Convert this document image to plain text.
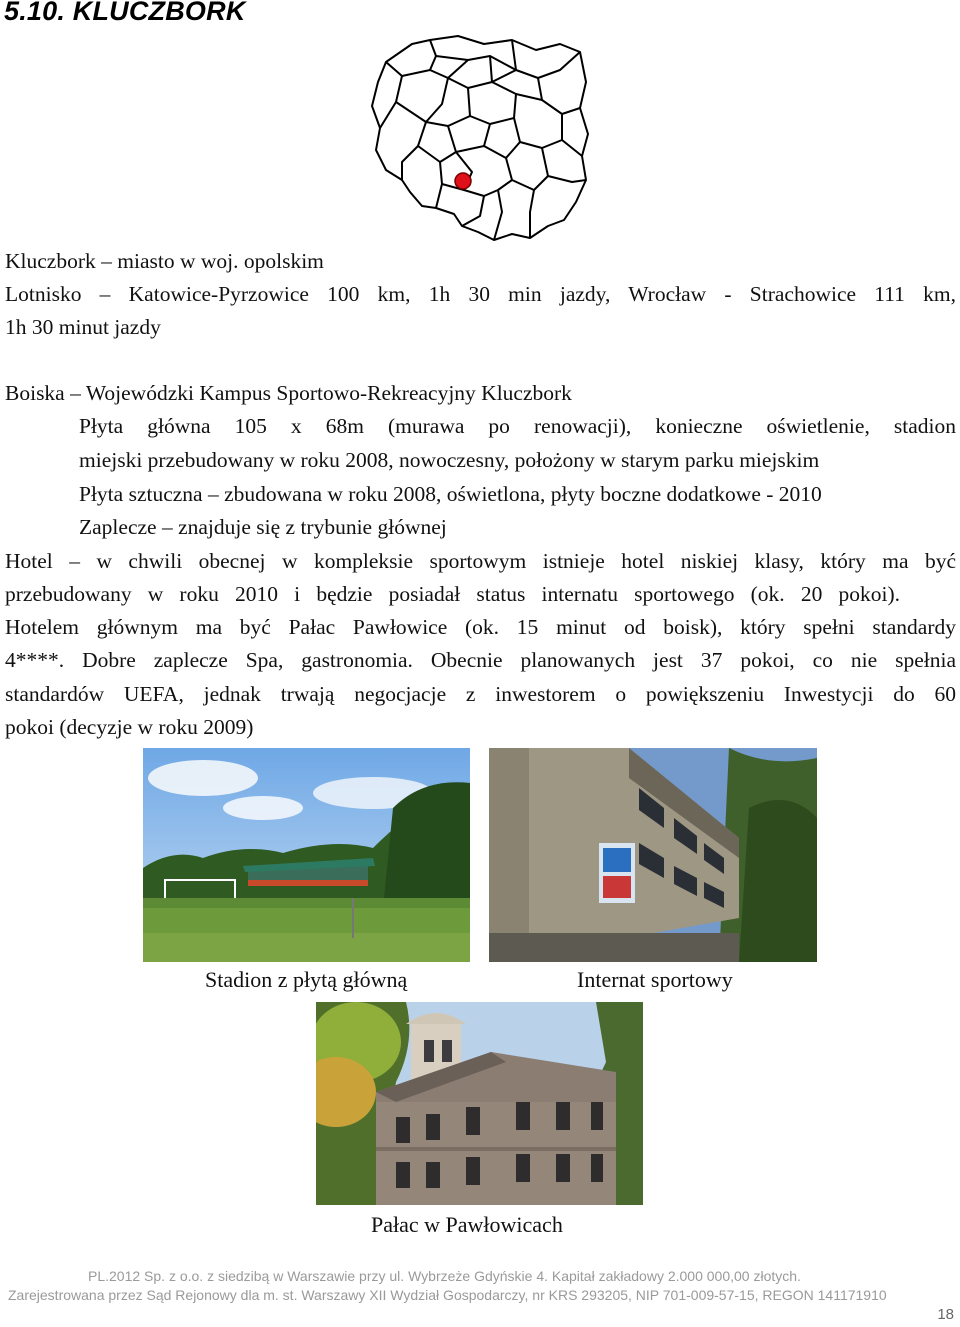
5.10. KLUCZBORK
Kluczbork – miasto w woj. opolskim
Lotnisko – Katowice-Pyrzowice 100 km, 1h 30 min jazdy, Wrocław - Strachowice 111 km,
1h 30 minut jazdy
Boiska – Wojewódzki Kampus Sportowo-Rekreacyjny Kluczbork
Płyta główna 105 x 68m (murawa po renowacji), konieczne oświetlenie, stadion
miejski przebudowany w roku 2008, nowoczesny, położony w starym parku miejskim
Płyta sztuczna – zbudowana w roku 2008, oświetlona, płyty boczne dodatkowe - 2010
Zaplecze – znajduje się z trybunie głównej
Hotel – w chwili obecnej w kompleksie sportowym istnieje hotel niskiej klasy, który ma być
przebudowany w roku 2010 i będzie posiadał status internatu sportowego (ok. 20 pokoi).
Hotelem głównym ma być Pałac Pawłowice (ok. 15 minut od boisk), który spełni standardy
4****. Dobre zaplecze Spa, gastronomia. Obecnie planowanych jest 37 pokoi, co nie spełnia
standardów UEFA, jednak trwają negocjacje z inwestorem o powiększeniu Inwestycji do 60
pokoi (decyzje w roku 2009)
Stadion z płytą główną	Internat sportowy
Pałac w Pawłowicach
PL.2012 Sp. z o.o. z siedzibą w Warszawie przy ul. Wybrzeże Gdyńskie 4. Kapitał zakładowy 2.000 000,00 złotych.
Zarejestrowana przez Sąd Rejonowy dla m. st. Warszawy XII Wydział Gospodarczy, nr KRS 293205, NIP 701-009-57-15, REGON 141171910
18
